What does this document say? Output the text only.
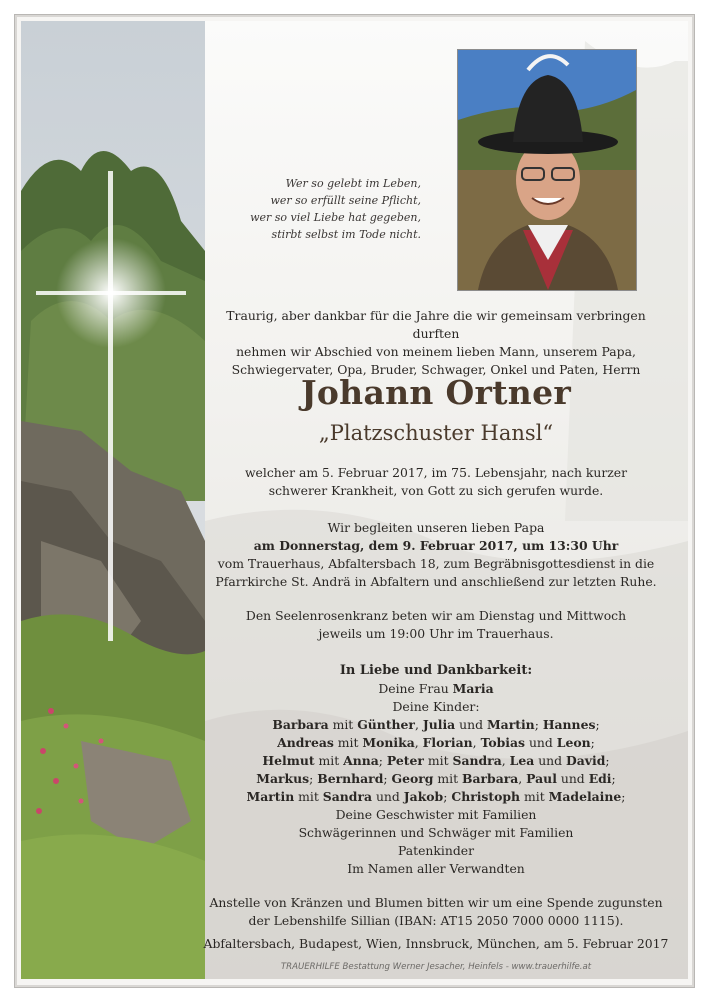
Wer so gelebt im Leben,
wer so erfüllt seine Pflicht,
wer so viel Liebe hat gegeben,
stirbt selbst im Tode nicht.
Traurig, aber dankbar für die Jahre die wir gemeinsam verbringen durften
nehmen wir Abschied von meinem lieben Mann, unserem Papa,
Schwiegervater, Opa, Bruder, Schwager, Onkel und Paten, Herrn
Johann Ortner
„Platzschuster Hansl“
welcher am 5. Februar 2017, im 75. Lebensjahr, nach kurzer
schwerer Krankheit, von Gott zu sich gerufen wurde.
Wir begleiten unseren lieben Papa
am Donnerstag, dem 9. Februar 2017, um 13:30 Uhr
vom Trauerhaus, Abfaltersbach 18, zum Begräbnisgottesdienst in die
Pfarrkirche St. Andrä in Abfaltern und anschließend zur letzten Ruhe.
Den Seelenrosenkranz beten wir am Dienstag und Mittwoch
jeweils um 19:00 Uhr im Trauerhaus.
In Liebe und Dankbarkeit:
Deine Frau Maria
Deine Kinder:
Barbara mit Günther, Julia und Martin; Hannes;
Andreas mit Monika, Florian, Tobias und Leon;
Helmut mit Anna; Peter mit Sandra, Lea und David;
Markus; Bernhard; Georg mit Barbara, Paul und Edi;
Martin mit Sandra und Jakob; Christoph mit Madelaine;
Deine Geschwister mit Familien
Schwägerinnen und Schwäger mit Familien
Patenkinder
Im Namen aller Verwandten
Anstelle von Kränzen und Blumen bitten wir um eine Spende zugunsten
der Lebenshilfe Sillian (IBAN: AT15 2050 7000 0000 1115).
Abfaltersbach, Budapest, Wien, Innsbruck, München, am 5. Februar 2017
TRAUERHILFE Bestattung Werner Jesacher, Heinfels - www.trauerhilfe.at
